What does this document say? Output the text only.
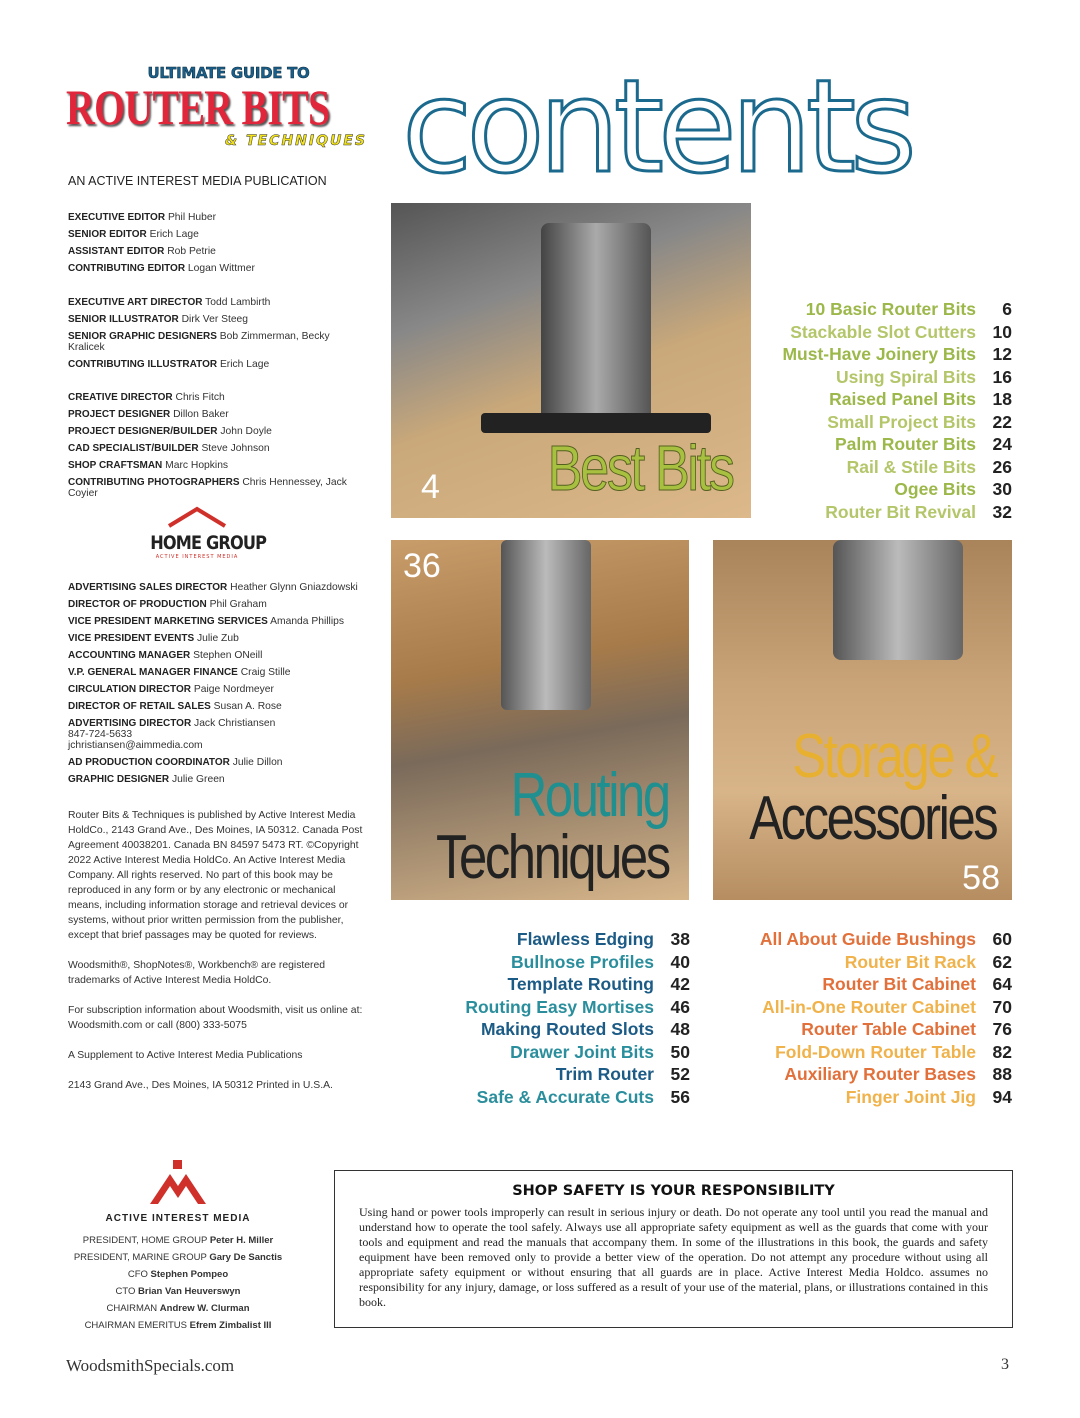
ULTIMATE GUIDE TO
ROUTER BITS
& TECHNIQUES
AN ACTIVE INTEREST MEDIA PUBLICATION
EXECUTIVE EDITOR Phil Huber
SENIOR EDITOR Erich Lage
ASSISTANT EDITOR Rob Petrie
CONTRIBUTING EDITOR Logan Wittmer
EXECUTIVE ART DIRECTOR Todd Lambirth
SENIOR ILLUSTRATOR Dirk Ver Steeg
SENIOR GRAPHIC DESIGNERS Bob Zimmerman, Becky Kralicek
CONTRIBUTING ILLUSTRATOR Erich Lage
CREATIVE DIRECTOR Chris Fitch
PROJECT DESIGNER Dillon Baker
PROJECT DESIGNER/BUILDER John Doyle
CAD SPECIALIST/BUILDER Steve Johnson
SHOP CRAFTSMAN Marc Hopkins
CONTRIBUTING PHOTOGRAPHERS Chris Hennessey, Jack Coyier
HOME GROUP
ACTIVE INTEREST MEDIA
ADVERTISING SALES DIRECTOR Heather Glynn Gniazdowski
DIRECTOR OF PRODUCTION Phil Graham
VICE PRESIDENT MARKETING SERVICES Amanda Phillips
VICE PRESIDENT EVENTS Julie Zub
ACCOUNTING MANAGER Stephen ONeill
V.P. GENERAL MANAGER FINANCE Craig Stille
CIRCULATION DIRECTOR Paige Nordmeyer
DIRECTOR OF RETAIL SALES Susan A. Rose
ADVERTISING DIRECTOR Jack Christiansen
847-724-5633
jchristiansen@aimmedia.com
AD PRODUCTION COORDINATOR Julie Dillon
GRAPHIC DESIGNER Julie Green

Router Bits & Techniques is published by Active Interest Media HoldCo., 2143 Grand Ave., Des Moines, IA 50312. Canada Post Agreement 40038201. Canada BN 84597 5473 RT. ©Copyright 2022 Active Interest Media HoldCo. An Active Interest Media Company. All rights reserved. No part of this book may be reproduced in any form or by any electronic or mechanical means, including information storage and retrieval devices or systems, without prior written permission from the publisher, except that brief passages may be quoted for reviews.

Woodsmith®, ShopNotes®, Workbench® are registered trademarks of Active Interest Media HoldCo.

For subscription information about Woodsmith, visit us online at: Woodsmith.com or call (800) 333-5075

A Supplement to Active Interest Media Publications

2143 Grand Ave., Des Moines, IA 50312 Printed in U.S.A.

ACTIVE INTEREST MEDIA
PRESIDENT, HOME GROUP Peter H. Miller
PRESIDENT, MARINE GROUP Gary De Sanctis
CFO Stephen Pompeo
CTO Brian Van Heuverswyn
CHAIRMAN Andrew W. Clurman
CHAIRMAN EMERITUS Efrem Zimbalist III
contents
4 Best Bits
36
Routing
Techniques
Storage &
Accessories
58
10 Basic Router Bits	6
Stackable Slot Cutters 10
Must-Have Joinery Bits 12
Using Spiral Bits 16
Raised Panel Bits 18
Small Project Bits 22
Palm Router Bits 24
Rail & Stile Bits 26
Ogee Bits 30
Router Bit Revival 32
Flawless Edging 38
Bullnose Profiles 40
Template Routing 42
Routing Easy Mortises 46
Making Routed Slots 48
Drawer Joint Bits 50
Trim Router 52
Safe & Accurate Cuts 56
All About Guide Bushings 60
Router Bit Rack 62
Router Bit Cabinet 64
All-in-One Router Cabinet 70
Router Table Cabinet 76
Fold-Down Router Table 82
Auxiliary Router Bases 88
Finger Joint Jig 94
SHOP SAFETY IS YOUR RESPONSIBILITY

Using hand or power tools improperly can result in serious injury or death. Do not operate any tool until you read the manual and understand how to operate the tool safely. Always use all appropriate safety equipment as well as the guards that come with your tools and equipment and read the manuals that accompany them. In some of the illustrations in this book, the guards and safety equipment have been removed only to provide a better view of the operation. Do not attempt any procedure without using all appropriate safety equipment or without ensuring that all guards are in place. Active Interest Media Holdco. assumes no responsibility for any injury, damage, or loss suffered as a result of your use of the material, plans, or illustrations contained in this book.

WoodsmithSpecials.com	3
